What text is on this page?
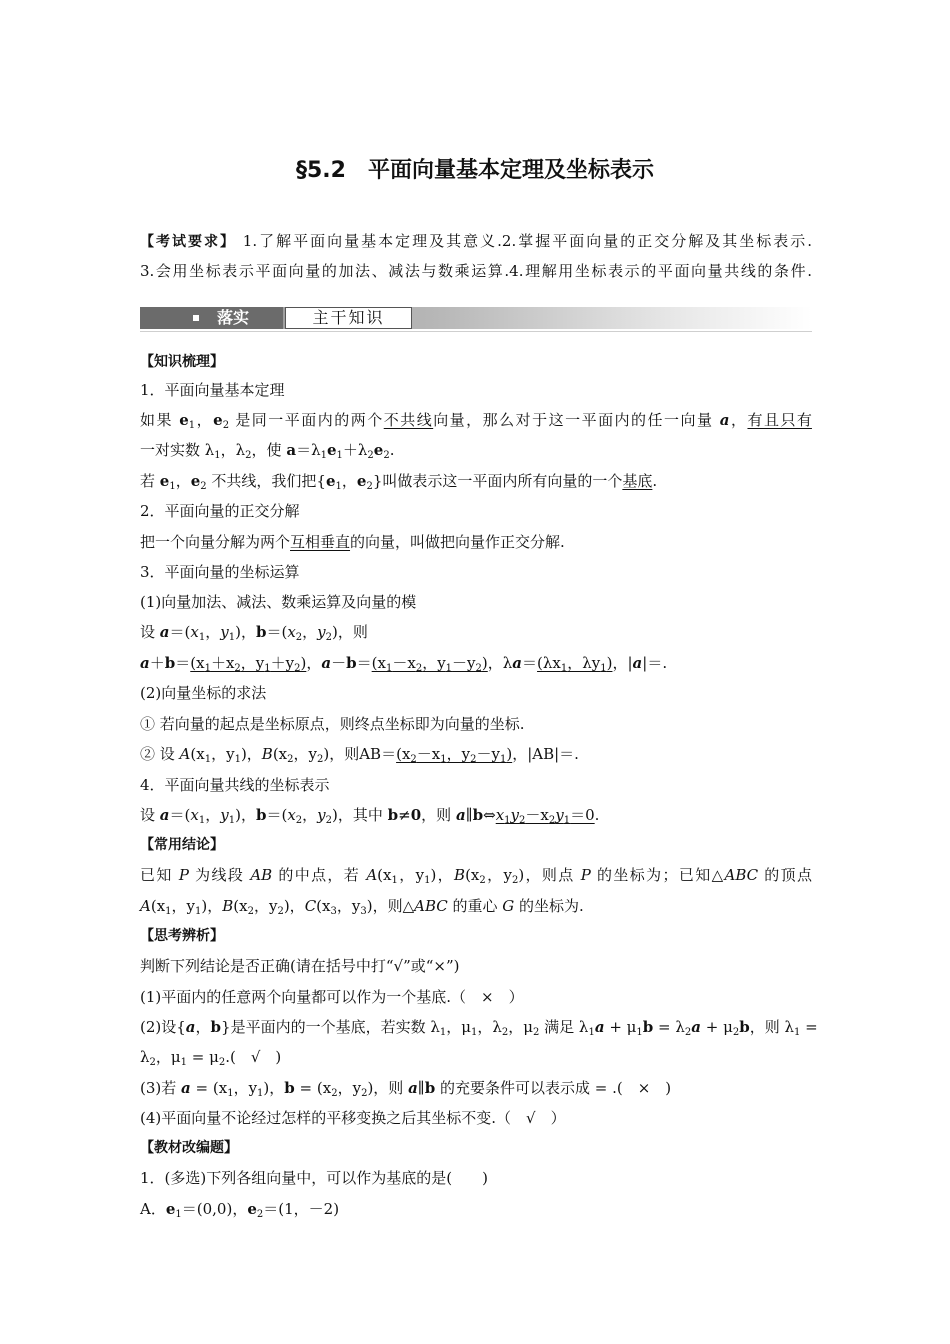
§5.2　平面向量基本定理及坐标表示
【考试要求】 1.了解平面向量基本定理及其意义.2.掌握平面向量的正交分解及其坐标表示.
3.会用坐标表示平面向量的加法、减法与数乘运算.4.理解用坐标表示的平面向量共线的条件.
落实	主干知识
【知识梳理】
1．平面向量基本定理
如果 $e_1$，$e_2$ 是同一平面内的两个不共线向量，那么对于这一平面内的任一向量 a，有且只有
一对实数 $\lambda_1$，$\lambda_2$，使 $a=\lambda_1e_1+\lambda_2e_2$.
若 $e_1$，$e_2$ 不共线，我们把{$e_1$，$e_2$}叫做表示这一平面内所有向量的一个基底.
2．平面向量的正交分解
把一个向量分解为两个互相垂直的向量，叫做把向量作正交分解.
3．平面向量的坐标运算
(1)向量加法、减法、数乘运算及向量的模
设 $a=(x_1$，$y_1$)，$b=(x_2$，$y_2$)，则
$a+b=(x_1+x_2$，$y_1+y_2$)，$a-b=(x_1-x_2$，$y_1-y_2$)，$\lambda a=(\lambda x_1$，$\lambda y_1$)，|a|＝.
(2)向量坐标的求法
① 若向量的起点是坐标原点，则终点坐标即为向量的坐标.
② 设 $A(x_1$，$y_1$)，$B(x_2$，$y_2$)，则$AB=(x_2-x_1$，$y_2-y_1$)，|AB|＝.
4．平面向量共线的坐标表示
设 $a=(x_1$，$y_1$)，$b=(x_2$，$y_2$)，其中 b≠0，则 $a\parallel b\Leftrightarrow x_1y_2-x_2y_1=0$.
【常用结论】
已知 P 为线段 AB 的中点，若 $A(x_1$，$y_1$)，$B(x_2$，$y_2$)，则点 P 的坐标为；已知△ABC 的顶点
$A(x_1$，$y_1$)，$B(x_2$，$y_2$)，$C(x_3$，$y_3$)，则△ABC 的重心 G 的坐标为.
【思考辨析】
判断下列结论是否正确(请在括号中打“√”或“×”)
(1)平面内的任意两个向量都可以作为一个基底.（　×　）
(2)设{a，b}是平面内的一个基底，若实数 $\lambda_1$，$\mu_1$，$\lambda_2$，$\mu_2$ 满足 $\lambda_1a + \mu_1b = \lambda_2a + \mu_2b$，则 $\lambda_1$ =
$\lambda_2$，$\mu_1 = \mu_2$.(　√　)
(3)若 $a = (x_1$，$y_1$)，$b = (x_2$，$y_2$)，则 a∥b 的充要条件可以表示成 = .(　×　)
(4)平面向量不论经过怎样的平移变换之后其坐标不变.（　√　）
【教材改编题】
1．(多选)下列各组向量中，可以作为基底的是(　　)
A．$e_1=(0,0)$，$e_2=(1$，－2)
